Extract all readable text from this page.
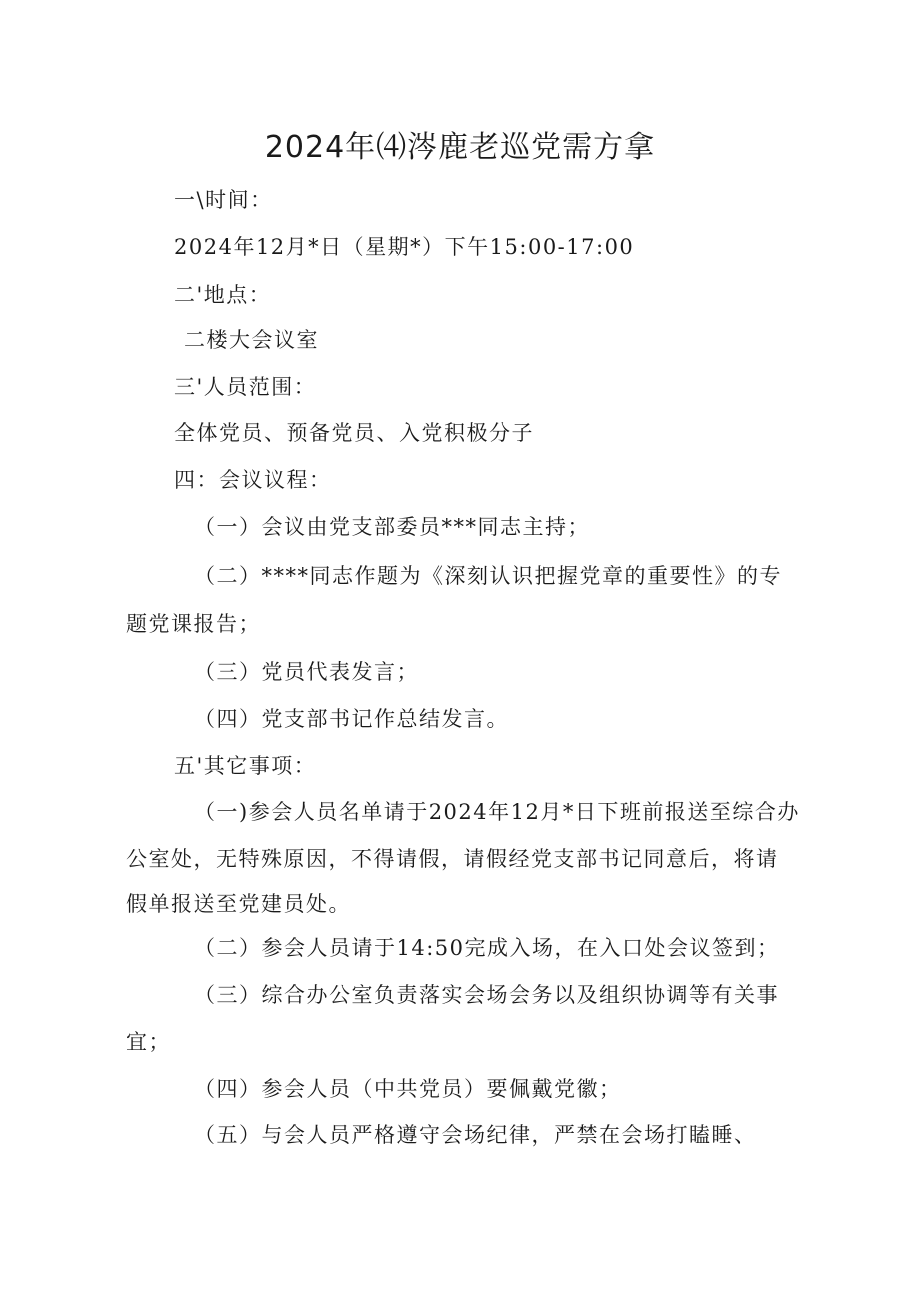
2024年⑷涔鹿老巡党需方拿
一\时间：
2024年12月*日（星期*）下午15:00-17:00
二'地点：
二楼大会议室
三'人员范围：
全体党员、预备党员、入党积极分子
四：会议议程：
（一）会议由党支部委员***同志主持；
（二）****同志作题为《深刻认识把握党章的重要性》的专
题党课报告；
（三）党员代表发言；
（四）党支部书记作总结发言。
五'其它事项：
（一)参会人员名单请于2024年12月*日下班前报送至综合办
公室处，无特殊原因，不得请假，请假经党支部书记同意后，将请
假单报送至党建员处。
（二）参会人员请于14:50完成入场，在入口处会议签到；
（三）综合办公室负责落实会场会务以及组织协调等有关事
宜；
（四）参会人员（中共党员）要佩戴党徽；
（五）与会人员严格遵守会场纪律，严禁在会场打瞌睡、
